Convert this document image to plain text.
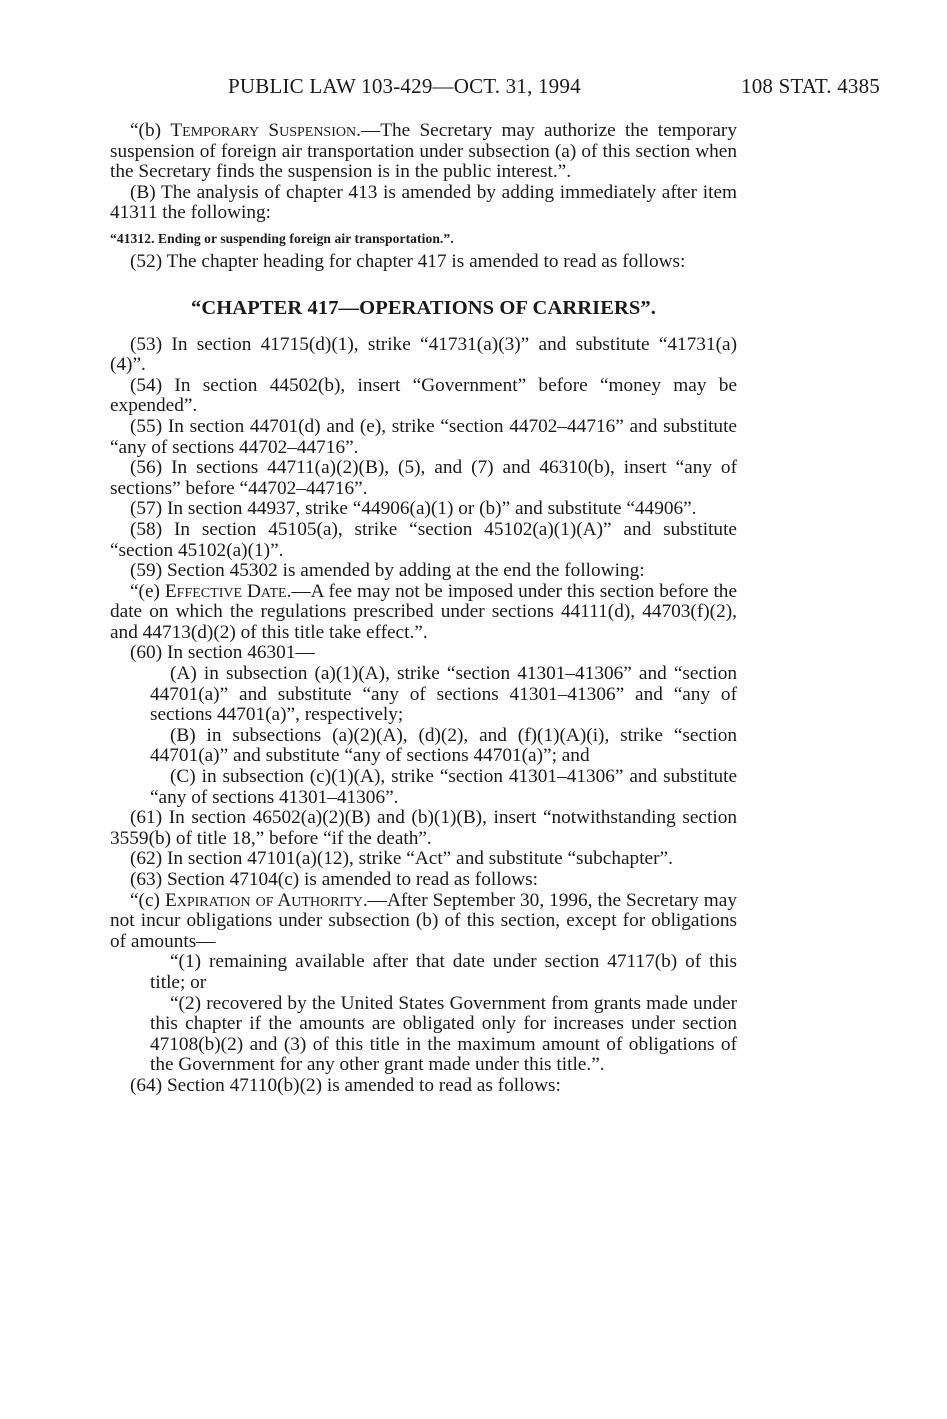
PUBLIC LAW 103-429—OCT. 31, 1994	108 STAT. 4385

“(b) Temporary Suspension.—The Secretary may authorize the temporary suspension of foreign air transportation under subsection (a) of this section when the Secretary finds the suspension is in the public interest.”.

(B) The analysis of chapter 413 is amended by adding immediately after item 41311 the following:

“41312. Ending or suspending foreign air transportation.”.

(52) The chapter heading for chapter 417 is amended to read as follows:

“CHAPTER 417—OPERATIONS OF CARRIERS”.

(53) In section 41715(d)(1), strike “41731(a)(3)” and substitute “41731(a)(4)”.

(54) In section 44502(b), insert “Government” before “money may be expended”.

(55) In section 44701(d) and (e), strike “section 44702–44716” and substitute “any of sections 44702–44716”.

(56) In sections 44711(a)(2)(B), (5), and (7) and 46310(b), insert “any of sections” before “44702–44716”.

(57) In section 44937, strike “44906(a)(1) or (b)” and substitute “44906”.

(58) In section 45105(a), strike “section 45102(a)(1)(A)” and substitute “section 45102(a)(1)”.

(59) Section 45302 is amended by adding at the end the following:

“(e) Effective Date.—A fee may not be imposed under this section before the date on which the regulations prescribed under sections 44111(d), 44703(f)(2), and 44713(d)(2) of this title take effect.”.

(60) In section 46301—

(A) in subsection (a)(1)(A), strike “section 41301–41306” and “section 44701(a)” and substitute “any of sections 41301–41306” and “any of sections 44701(a)”, respectively;

(B) in subsections (a)(2)(A), (d)(2), and (f)(1)(A)(i), strike “section 44701(a)” and substitute “any of sections 44701(a)”; and

(C) in subsection (c)(1)(A), strike “section 41301–41306” and substitute “any of sections 41301–41306”.

(61) In section 46502(a)(2)(B) and (b)(1)(B), insert “notwithstanding section 3559(b) of title 18,” before “if the death”.

(62) In section 47101(a)(12), strike “Act” and substitute “subchapter”.

(63) Section 47104(c) is amended to read as follows:

“(c) Expiration of Authority.—After September 30, 1996, the Secretary may not incur obligations under subsection (b) of this section, except for obligations of amounts—

“(1) remaining available after that date under section 47117(b) of this title; or

“(2) recovered by the United States Government from grants made under this chapter if the amounts are obligated only for increases under section 47108(b)(2) and (3) of this title in the maximum amount of obligations of the Government for any other grant made under this title.”.

(64) Section 47110(b)(2) is amended to read as follows:
